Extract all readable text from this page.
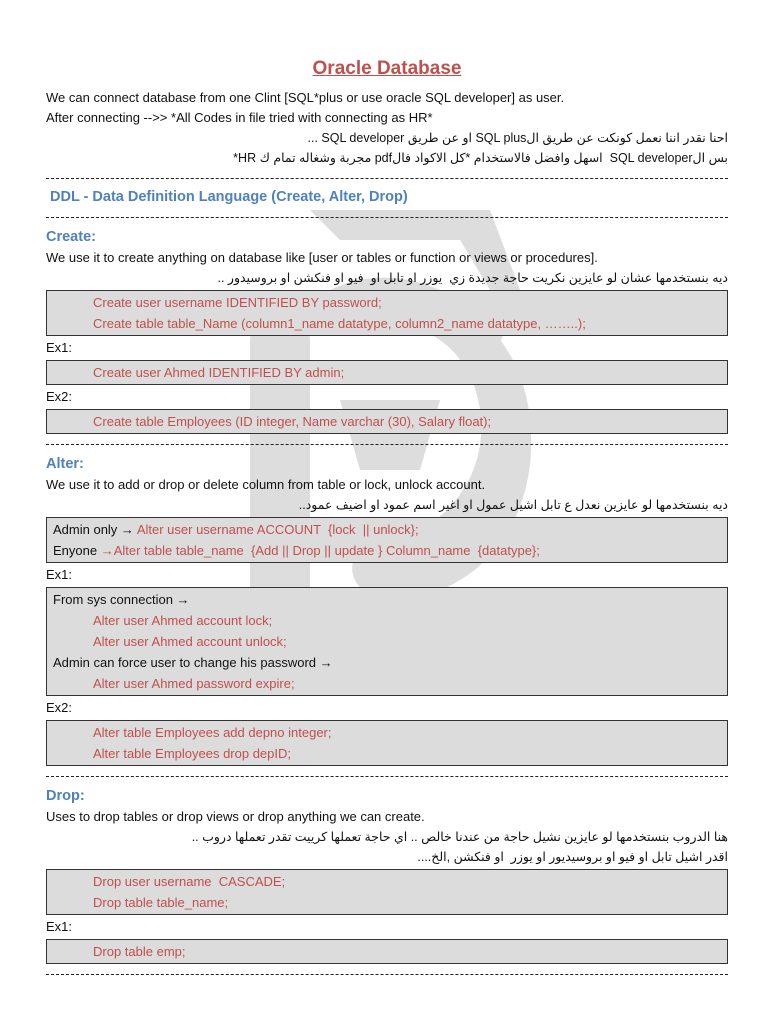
Oracle Database

We can connect database from one Clint [SQL*plus or use oracle SQL developer] as user.

After connecting -->> *All Codes in file tried with connecting as HR*

احنا نقدر اننا نعمل كونكت عن طريق الSQL plus او عن طريق SQL developer ...

بس الSQL developer  اسهل وافضل فالاستخدام *كل الاكواد فالpdf مجربة وشغاله تمام ك HR*

DDL - Data Definition Language (Create, Alter, Drop)
Create:

We use it to create anything on database like [user or tables or function or views or procedures].

ديه بنستخدمها عشان لو عايزين نكريت حاجة جديدة زي  يوزر او تابل او  فيو او فنكشن او بروسيدور ..

Create user username IDENTIFIED BY password;

Create table table_Name (column1_name datatype, column2_name datatype, ……..);

Ex1:

Create user Ahmed IDENTIFIED BY admin;

Ex2:

Create table Employees (ID integer, Name varchar (30), Salary float);

Alter:

We use it to add or drop or delete column from table or lock, unlock account.

ديه بنستخدمها لو عايزين نعدل ع تابل اشيل عمول او اغير اسم عمود او اضيف عمود..

Admin only → Alter user username ACCOUNT  {lock  || unlock};

Enyone →Alter table table_name  {Add || Drop || update } Column_name  {datatype};

Ex1:

From sys connection →

Alter user Ahmed account lock;

Alter user Ahmed account unlock;

Admin can force user to change his password →

Alter user Ahmed password expire;

Ex2:

Alter table Employees add depno integer;

Alter table Employees drop depID;

Drop:

Uses to drop tables or drop views or drop anything we can create.

هنا الدروب بنستخدمها لو عايزين نشيل حاجة من عندنا خالص .. اي حاجة تعملها كرييت تقدر تعملها دروب ..

اقدر اشيل تابل او فيو او بروسيديور او يوزر  او فنكشن ,الخ....

Drop user username  CASCADE;

Drop table table_name;

Ex1:

Drop table emp;
